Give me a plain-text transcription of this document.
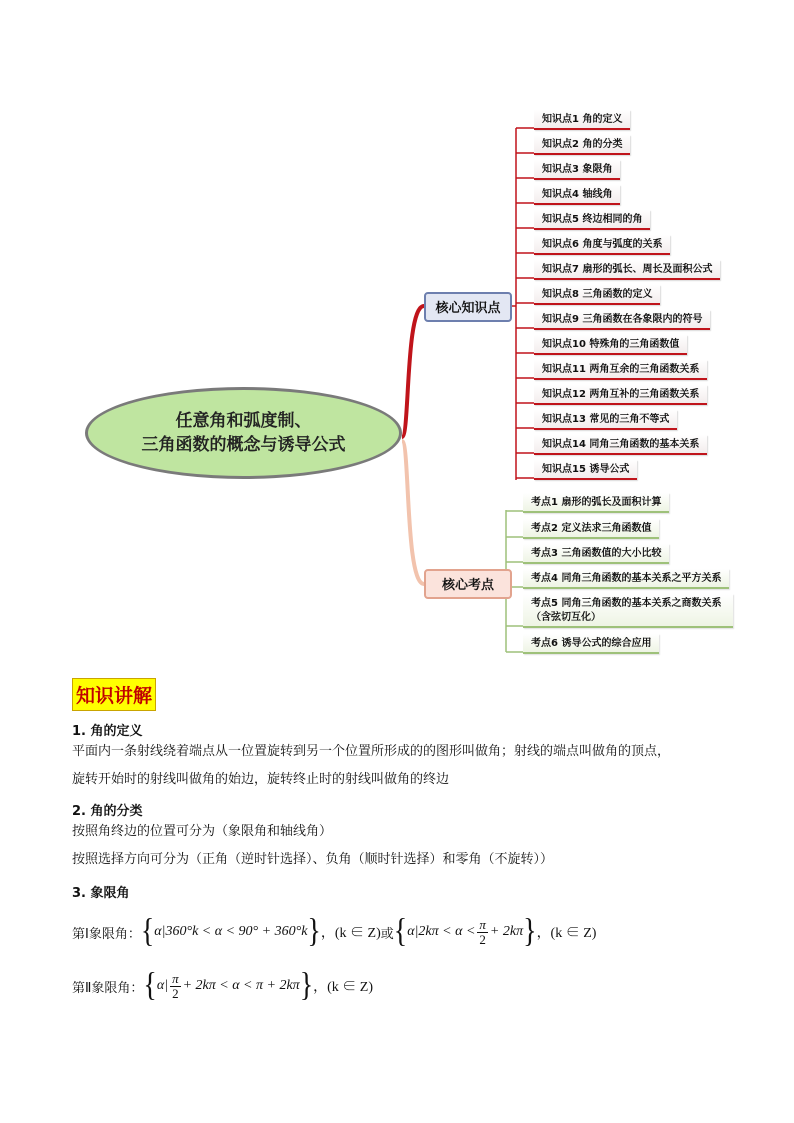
任意角和弧度制、
三角函数的概念与诱导公式
核心知识点
核心考点
知识点1 角的定义
知识点2 角的分类
知识点3 象限角
知识点4 轴线角
知识点5 终边相同的角
知识点6 角度与弧度的关系
知识点7 扇形的弧长、周长及面积公式
知识点8 三角函数的定义
知识点9 三角函数在各象限内的符号
知识点10 特殊角的三角函数值
知识点11 两角互余的三角函数关系
知识点12 两角互补的三角函数关系
知识点13 常见的三角不等式
知识点14 同角三角函数的基本关系
知识点15 诱导公式
考点1 扇形的弧长及面积计算
考点2 定义法求三角函数值
考点3 三角函数值的大小比较
考点4 同角三角函数的基本关系之平方关系
考点5 同角三角函数的基本关系之商数关系（含弦切互化）
考点6 诱导公式的综合应用
知识讲解
1. 角的定义
平面内一条射线绕着端点从一位置旋转到另一个位置所形成的的图形叫做角；射线的端点叫做角的顶点，
旋转开始时的射线叫做角的始边，旋转终止时的射线叫做角的终边
2. 角的分类
按照角终边的位置可分为（象限角和轴线角）
按照选择方向可分为（正角（逆时针选择）、负角（顺时针选择）和零角（不旋转））
3. 象限角
第Ⅰ象限角： { α|360°k < α < 90° + 360°k } ，(k ∈ Z) 或 { $\alpha|2k\pi < \alpha < \frac{\pi}{2} + 2k\pi$ } ，(k ∈ Z)
第Ⅱ象限角： { $\alpha| \frac{\pi}{2} + 2k\pi < \alpha < \pi + 2k\pi$ } ，(k ∈ Z)
